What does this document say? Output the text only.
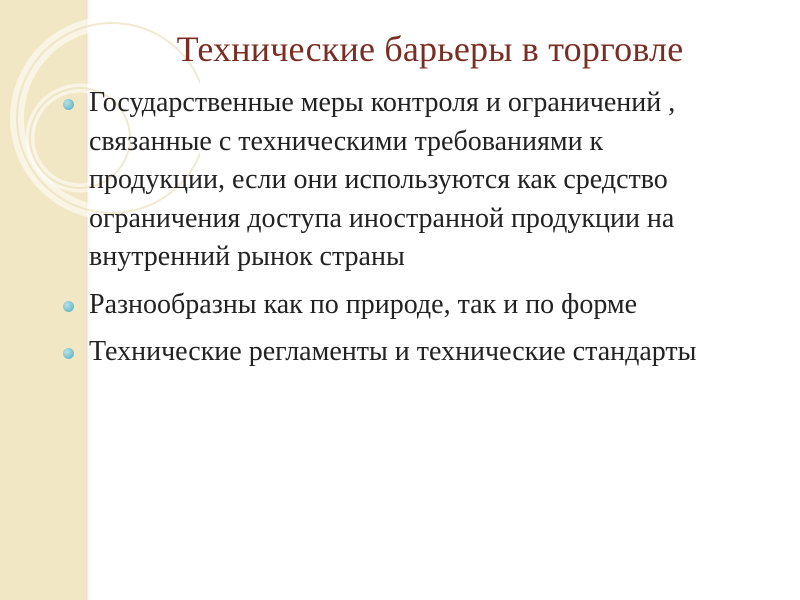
Технические барьеры в торговле
Государственные меры контроля и ограничений , связанные с техническими требованиями к продукции, если они используются как средство ограничения доступа иностранной продукции на внутренний рынок страны
Разнообразны как по природе, так и по форме
Технические регламенты и технические стандарты
